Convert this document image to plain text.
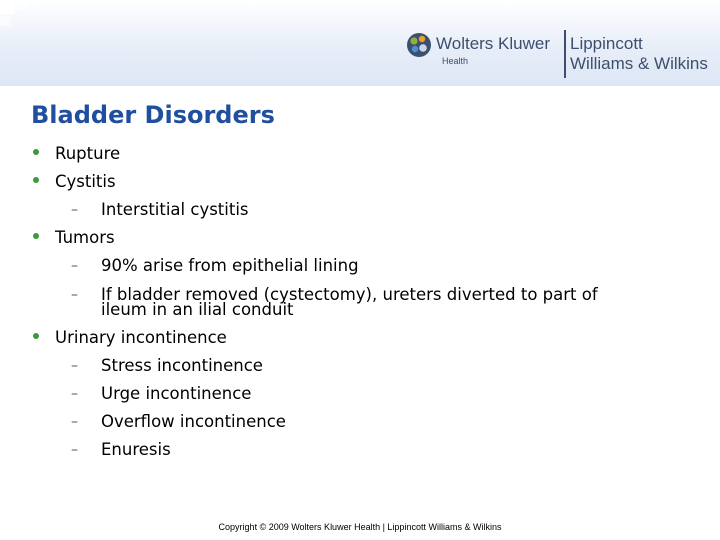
Wolters Kluwer
Health
Lippincott
Williams & Wilkins
Bladder Disorders
Rupture
Cystitis
– Interstitial cystitis
Tumors
– 90% arise from epithelial lining
– If bladder removed (cystectomy), ureters diverted to part of
ileum in an ilial conduit
Urinary incontinence
– Stress incontinence
– Urge incontinence
– Overflow incontinence
– Enuresis
Copyright © 2009 Wolters Kluwer Health | Lippincott Williams & Wilkins
